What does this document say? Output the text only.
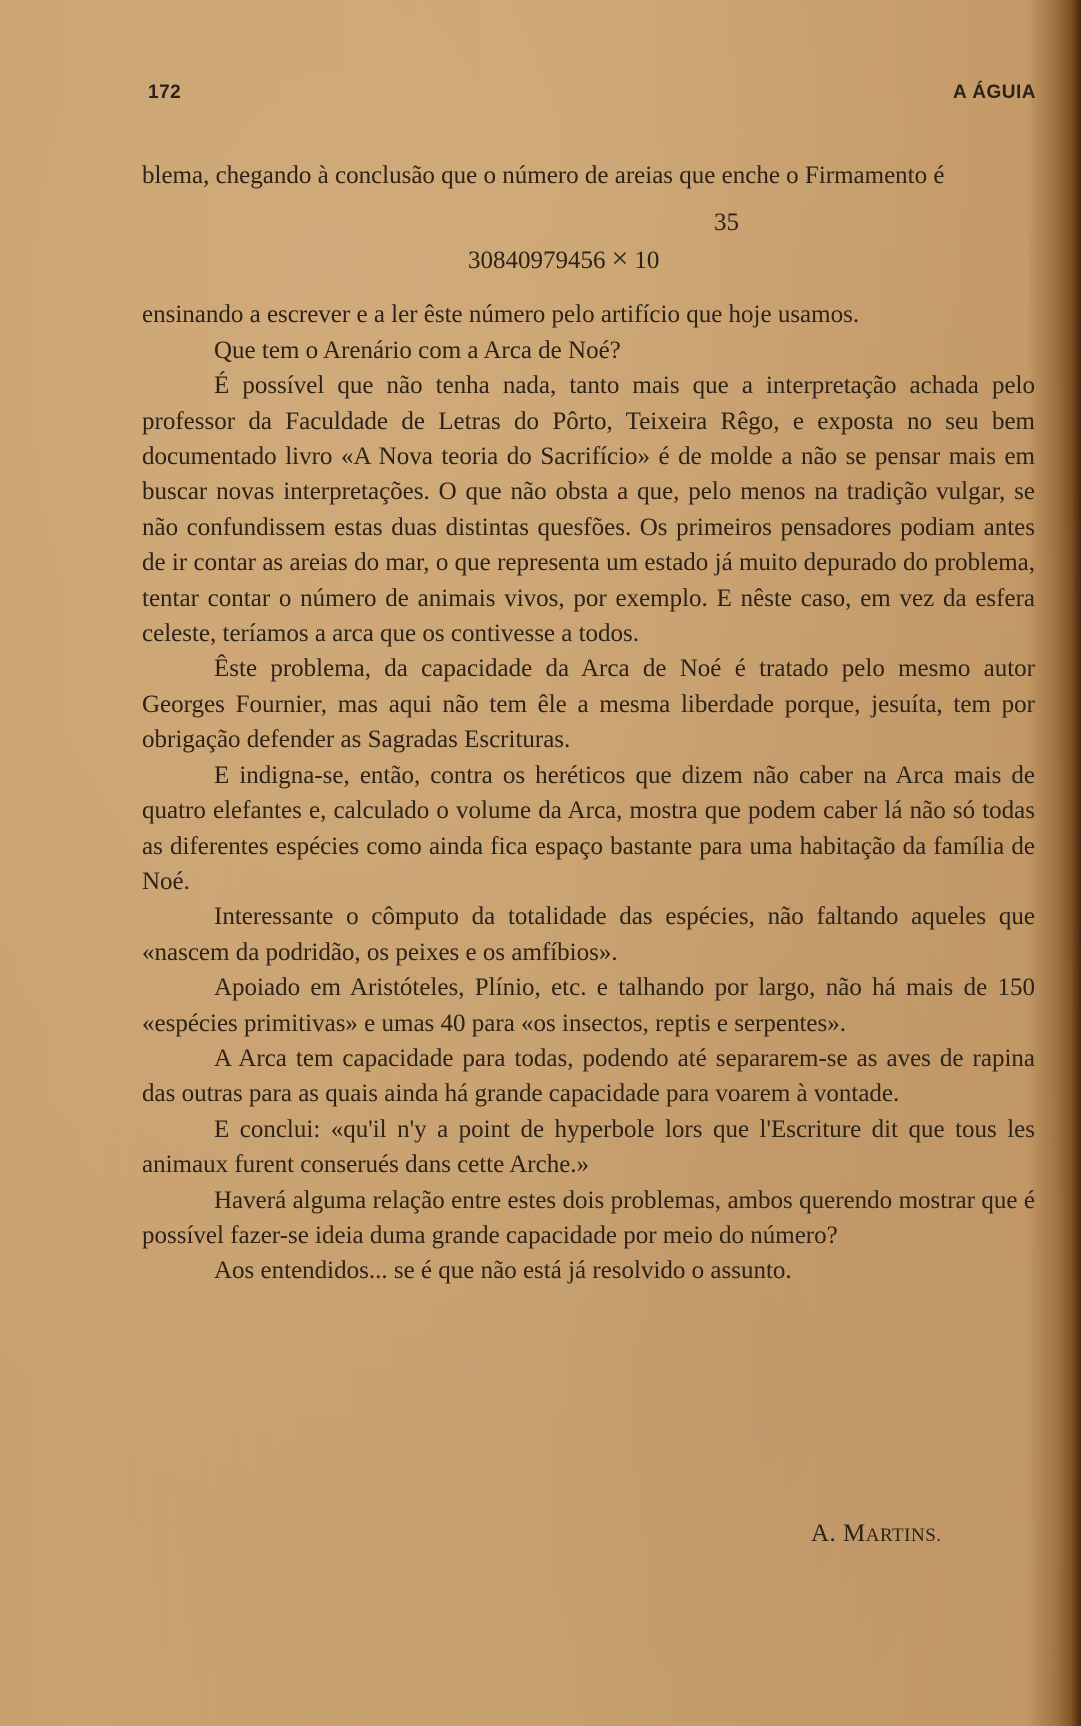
172	A ÁGUIA

blema, chegando à conclusão que o número de areias que enche o Firmamento é

35
30840979456 × 10

ensinando a escrever e a ler êste número pelo artifício que hoje usamos.

Que tem o Arenário com a Arca de Noé?

É possível que não tenha nada, tanto mais que a interpretação achada pelo professor da Faculdade de Letras do Pôrto, Teixeira Rêgo, e exposta no seu bem documentado livro «A Nova teoria do Sacrifício» é de molde a não se pensar mais em buscar novas interpretações. O que não obsta a que, pelo menos na tradição vulgar, se não confundissem estas duas distintas quesfões. Os primeiros pensadores podiam antes de ir contar as areias do mar, o que representa um estado já muito depurado do problema, tentar contar o número de animais vivos, por exemplo. E nêste caso, em vez da esfera celeste, teríamos a arca que os contivesse a todos.

Êste problema, da capacidade da Arca de Noé é tratado pelo mesmo autor Georges Fournier, mas aqui não tem êle a mesma liberdade porque, jesuíta, tem por obrigação defender as Sagradas Escrituras.

E indigna-se, então, contra os heréticos que dizem não caber na Arca mais de quatro elefantes e, calculado o volume da Arca, mostra que podem caber lá não só todas as diferentes espécies como ainda fica espaço bastante para uma habitação da família de Noé.

Interessante o cômputo da totalidade das espécies, não faltando aqueles que «nascem da podridão, os peixes e os amfíbios».

Apoiado em Aristóteles, Plínio, etc. e talhando por largo, não há mais de 150 «espécies primitivas» e umas 40 para «os insectos, reptis e serpentes».

A Arca tem capacidade para todas, podendo até separarem-se as aves de rapina das outras para as quais ainda há grande capacidade para voarem à vontade.

E conclui: «qu'il n'y a point de hyperbole lors que l'Escriture dit que tous les animaux furent conserués dans cette Arche.»

Haverá alguma relação entre estes dois problemas, ambos querendo mostrar que é possível fazer-se ideia duma grande capacidade por meio do número?

Aos entendidos... se é que não está já resolvido o assunto.

A. MARTINS.
